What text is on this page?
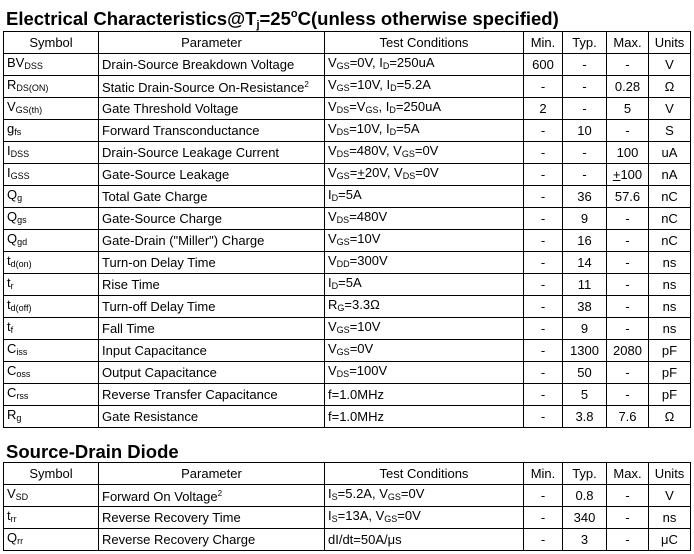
Electrical $Characteristics@T_j=25^oC(unless$ otherwise specified)
Symbol	Parameter	Test Conditions	Min.	Typ.	Max.	Units
BVDSS	Drain-Source Breakdown Voltage	VGS=0V, ID=250uA	600	-	-	V
RDS(ON)	Static Drain-Source On-Resistance$^2$	VGS=10V, ID=5.2A	-	-	0.28	Ω
VGS(th)	Gate Threshold Voltage	VDS=VGS, ID=250uA	2	-	5	V
gfs	Forward Transconductance	VDS=10V, ID=5A	-	10	-	S
IDSS	Drain-Source Leakage Current	VDS=480V, VGS=0V	-	-	100	uA
IGSS	Gate-Source Leakage	VGS=+20V, VDS=0V	-	-	+100	nA
Qg	Total Gate Charge	ID=5A	-	36	57.6	nC
Qgs	Gate-Source Charge	VDS=480V	-	9	-	nC
Qgd	Gate-Drain ("Miller") Charge	VGS=10V	-	16	-	nC
td(on)	Turn-on Delay Time	VDD=300V	-	14	-	ns
tr	Rise Time	ID=5A	-	11	-	ns
td(off)	Turn-off Delay Time	RG=3.3Ω	-	38	-	ns
tf	Fall Time	VGS=10V	-	9	-	ns
Ciss	Input Capacitance	VGS=0V	-	1300	2080	pF
Coss	Output Capacitance	VDS=100V	-	50	-	pF
Crss	Reverse Transfer Capacitance	f=1.0MHz	-	5	-	pF
Rg	Gate Resistance	f=1.0MHz	-	3.8	7.6	Ω
Source-Drain Diode
Symbol	Parameter	Test Conditions	Min.	Typ.	Max.	Units
VSD	Forward On Voltage$^2$	IS=5.2A, VGS=0V	-	0.8	-	V
trr	Reverse Recovery Time	IS=13A, VGS=0V	-	340	-	ns
Qrr	Reverse Recovery Charge	dI/dt=50A/μs	-	3	-	μC
